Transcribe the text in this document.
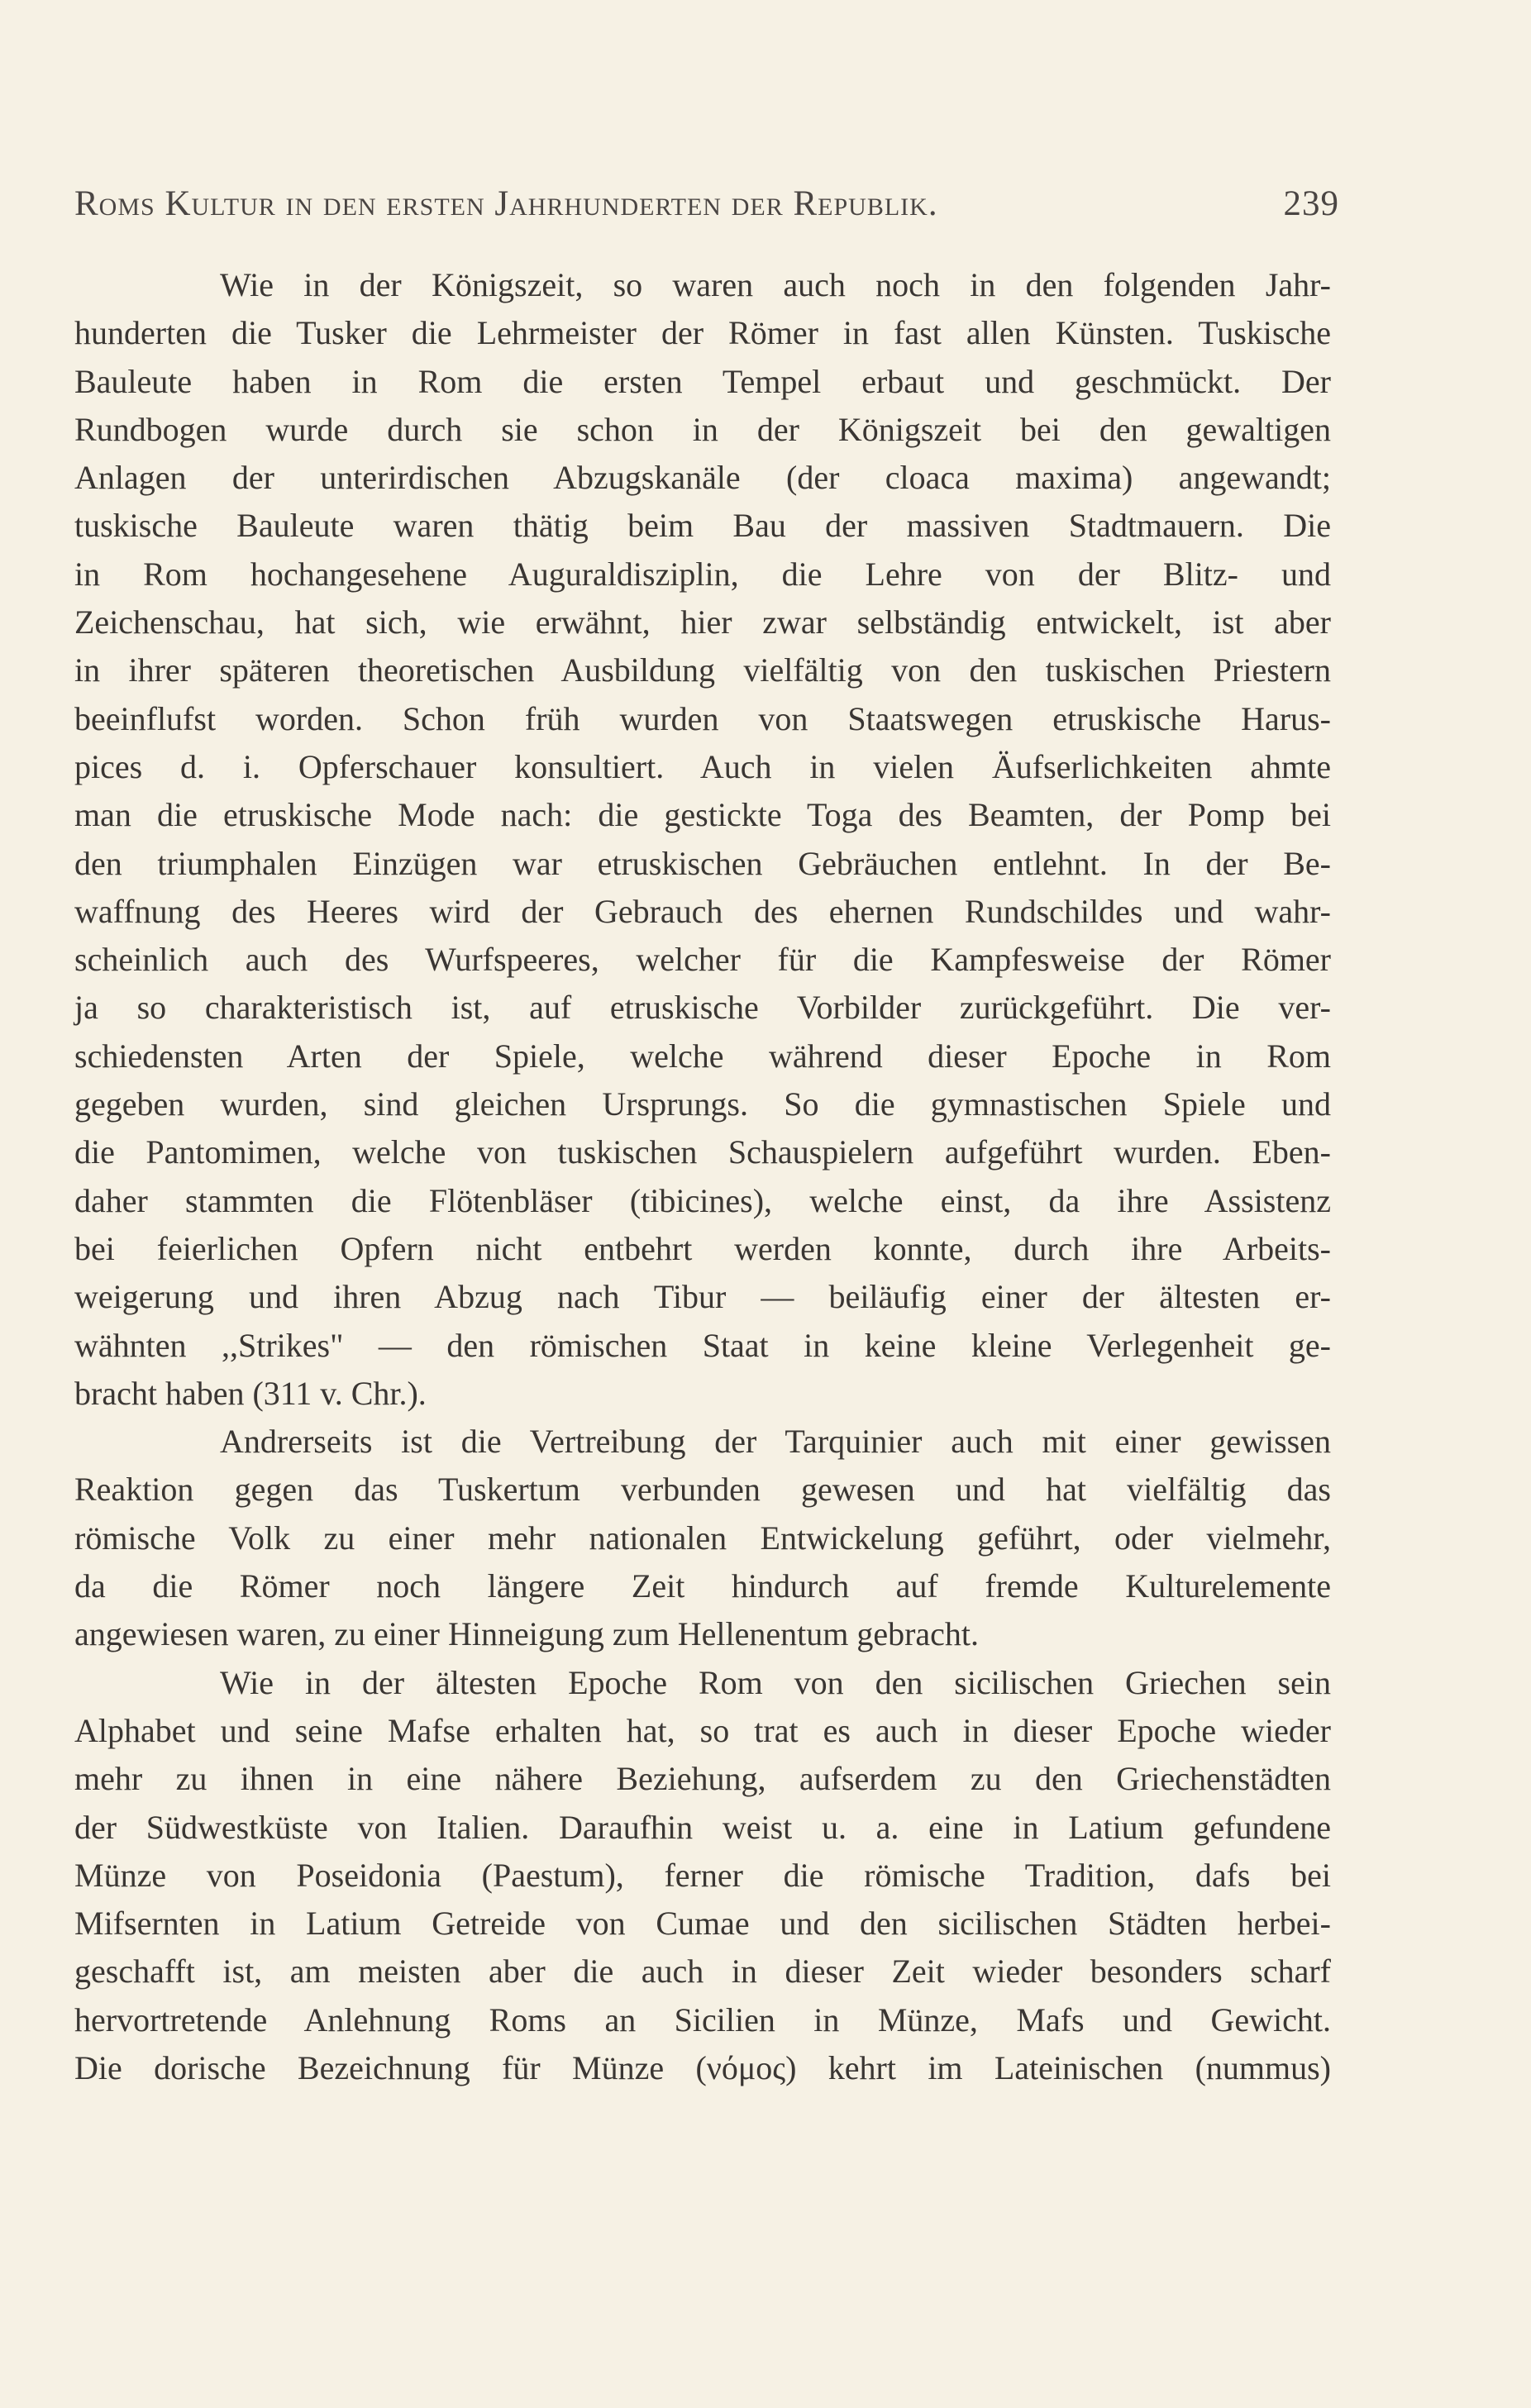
Roms Kultur in den ersten Jahrhunderten der Republik.	239
Wie in der Königszeit, so waren auch noch in den folgenden Jahr-
hunderten die Tusker die Lehrmeister der Römer in fast allen Künsten. Tuskische
Bauleute haben in Rom die ersten Tempel erbaut und geschmückt. Der
Rundbogen wurde durch sie schon in der Königszeit bei den gewaltigen
Anlagen der unterirdischen Abzugskanäle (der cloaca maxima) angewandt;
tuskische Bauleute waren thätig beim Bau der massiven Stadtmauern. Die
in Rom hochangesehene Auguraldisziplin, die Lehre von der Blitz- und
Zeichenschau, hat sich, wie erwähnt, hier zwar selbständig entwickelt, ist aber
in ihrer späteren theoretischen Ausbildung vielfältig von den tuskischen Priestern
beeinflufst worden. Schon früh wurden von Staatswegen etruskische Harus-
pices d. i. Opferschauer konsultiert. Auch in vielen Äufserlichkeiten ahmte
man die etruskische Mode nach: die gestickte Toga des Beamten, der Pomp bei
den triumphalen Einzügen war etruskischen Gebräuchen entlehnt. In der Be-
waffnung des Heeres wird der Gebrauch des ehernen Rundschildes und wahr-
scheinlich auch des Wurfspeeres, welcher für die Kampfesweise der Römer
ja so charakteristisch ist, auf etruskische Vorbilder zurückgeführt. Die ver-
schiedensten Arten der Spiele, welche während dieser Epoche in Rom
gegeben wurden, sind gleichen Ursprungs. So die gymnastischen Spiele und
die Pantomimen, welche von tuskischen Schauspielern aufgeführt wurden. Eben-
daher stammten die Flötenbläser (tibicines), welche einst, da ihre Assistenz
bei feierlichen Opfern nicht entbehrt werden konnte, durch ihre Arbeits-
weigerung und ihren Abzug nach Tibur — beiläufig einer der ältesten er-
wähnten ,,Strikes" — den römischen Staat in keine kleine Verlegenheit ge-
bracht haben (311 v. Chr.).
Andrerseits ist die Vertreibung der Tarquinier auch mit einer gewissen
Reaktion gegen das Tuskertum verbunden gewesen und hat vielfältig das
römische Volk zu einer mehr nationalen Entwickelung geführt, oder vielmehr,
da die Römer noch längere Zeit hindurch auf fremde Kulturelemente
angewiesen waren, zu einer Hinneigung zum Hellenentum gebracht.
Wie in der ältesten Epoche Rom von den sicilischen Griechen sein
Alphabet und seine Mafse erhalten hat, so trat es auch in dieser Epoche wieder
mehr zu ihnen in eine nähere Beziehung, aufserdem zu den Griechenstädten
der Südwestküste von Italien. Daraufhin weist u. a. eine in Latium gefundene
Münze von Poseidonia (Paestum), ferner die römische Tradition, dafs bei
Mifsernten in Latium Getreide von Cumae und den sicilischen Städten herbei-
geschafft ist, am meisten aber die auch in dieser Zeit wieder besonders scharf
hervortretende Anlehnung Roms an Sicilien in Münze, Mafs und Gewicht.
Die dorische Bezeichnung für Münze (νόμος) kehrt im Lateinischen (nummus)
